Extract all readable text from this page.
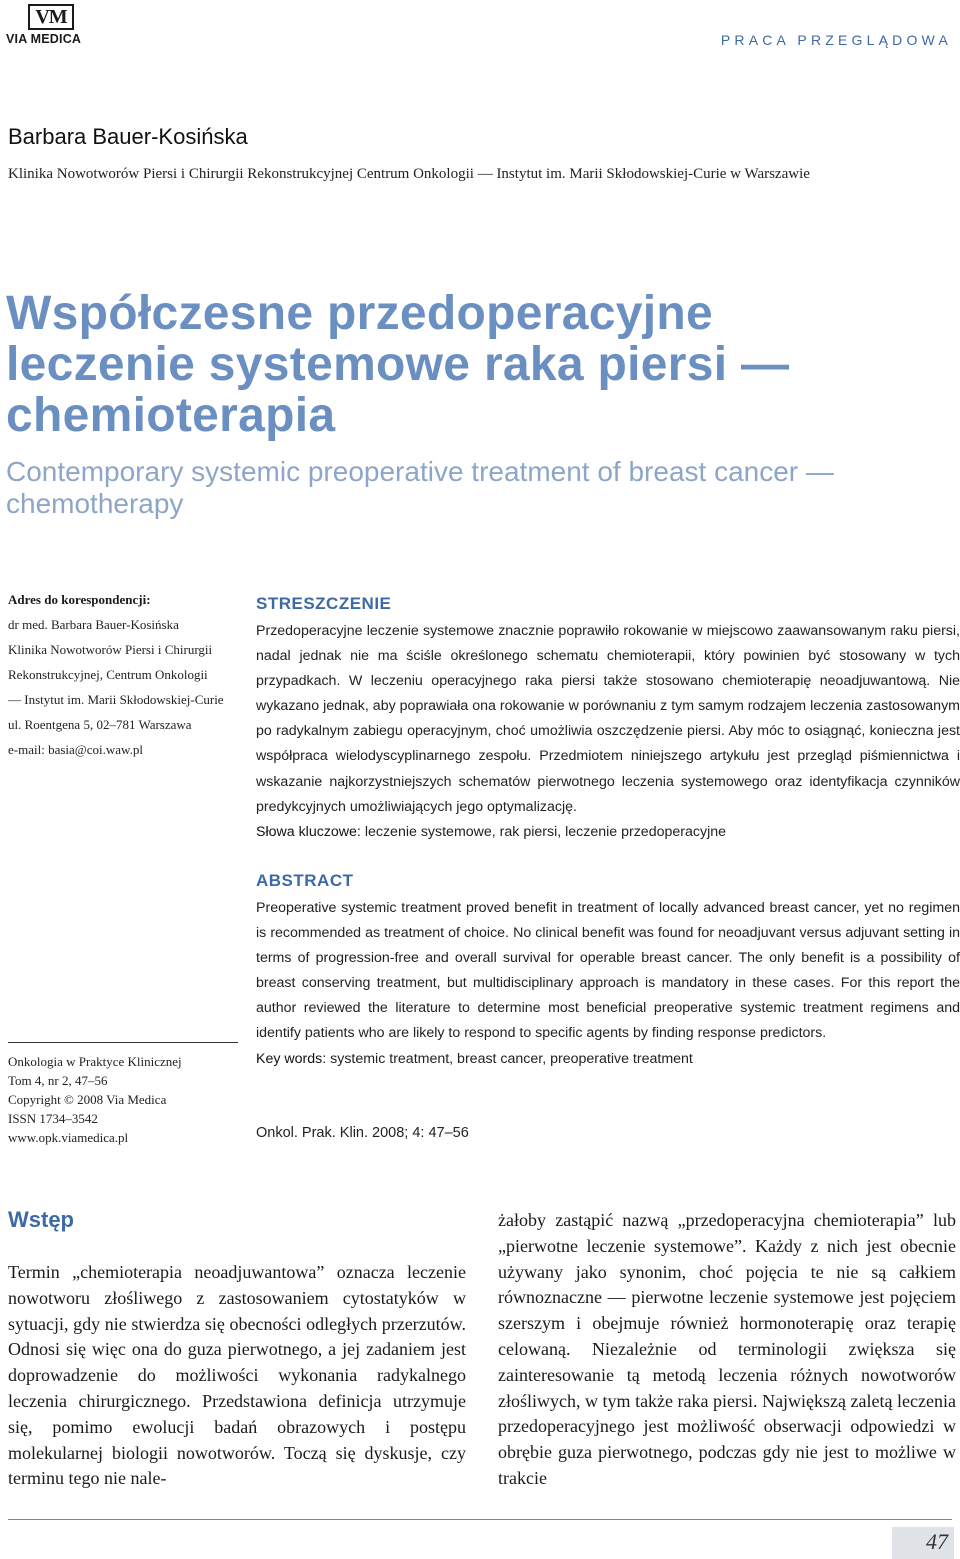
VM
VIA MEDICA	PRACA PRZEGLĄDOWA
Barbara Bauer-Kosińska
Klinika Nowotworów Piersi i Chirurgii Rekonstrukcyjnej Centrum Onkologii — Instytut im. Marii Skłodowskiej-Curie w Warszawie
Współczesne przedoperacyjne leczenie systemowe raka piersi — chemioterapia
Contemporary systemic preoperative treatment of breast cancer — chemotherapy
Adres do korespondencji:
dr med. Barbara Bauer-Kosińska
Klinika Nowotworów Piersi i Chirurgii
Rekonstrukcyjnej, Centrum Onkologii
— Instytut im. Marii Skłodowskiej-Curie
ul. Roentgena 5, 02–781 Warszawa
e-mail: basia@coi.waw.pl
Onkologia w Praktyce Klinicznej
Tom 4, nr 2, 47–56
Copyright © 2008 Via Medica
ISSN 1734–3542
www.opk.viamedica.pl
STRESZCZENIE
Przedoperacyjne leczenie systemowe znacznie poprawiło rokowanie w miejscowo zaawansowanym raku piersi, nadal jednak nie ma ściśle określonego schematu chemioterapii, który powinien być stosowany w tych przypadkach. W leczeniu operacyjnego raka piersi także stosowano chemioterapię neoadjuwantową. Nie wykazano jednak, aby poprawiała ona rokowanie w porównaniu z tym samym rodzajem leczenia zastosowanym po radykalnym zabiegu operacyjnym, choć umożliwia oszczędzenie piersi. Aby móc to osiągnąć, konieczna jest współpraca wielodyscyplinarnego zespołu. Przedmiotem niniejszego artykułu jest przegląd piśmiennictwa i wskazanie najkorzystniejszych schematów pierwotnego leczenia systemowego oraz identyfikacja czynników predykcyjnych umożliwiających jego optymalizację.
Słowa kluczowe: leczenie systemowe, rak piersi, leczenie przedoperacyjne
ABSTRACT
Preoperative systemic treatment proved benefit in treatment of locally advanced breast cancer, yet no regimen is recommended as treatment of choice. No clinical benefit was found for neoadjuvant versus adjuvant setting in terms of progression-free and overall survival for operable breast cancer. The only benefit is a possibility of breast conserving treatment, but multidisciplinary approach is mandatory in these cases. For this report the author reviewed the literature to determine most beneficial preoperative systemic treatment regimens and identify patients who are likely to respond to specific agents by finding response predictors.
Key words: systemic treatment, breast cancer, preoperative treatment
Onkol. Prak. Klin. 2008; 4: 47–56
Wstęp
Termin „chemioterapia neoadjuwantowa” oznacza leczenie nowotworu złośliwego z zastosowaniem cytostatyków w sytuacji, gdy nie stwierdza się obecności odległych przerzutów. Odnosi się więc ona do guza pierwotnego, a jej zadaniem jest doprowadzenie do możliwości wykonania radykalnego leczenia chirurgicznego. Przedstawiona definicja utrzymuje się, pomimo ewolucji badań obrazowych i postępu molekularnej biologii nowotworów. Toczą się dyskusje, czy terminu tego nie nale-
żałoby zastąpić nazwą „przedoperacyjna chemioterapia” lub „pierwotne leczenie systemowe”. Każdy z nich jest obecnie używany jako synonim, choć pojęcia te nie są całkiem równoznaczne — pierwotne leczenie systemowe jest pojęciem szerszym i obejmuje również hormonoterapię oraz terapię celowaną. Niezależnie od terminologii zwiększa się zainteresowanie tą metodą leczenia różnych nowotworów złośliwych, w tym także raka piersi. Największą zaletą leczenia przedoperacyjnego jest możliwość obserwacji odpowiedzi w obrębie guza pierwotnego, podczas gdy nie jest to możliwe w trakcie
47
